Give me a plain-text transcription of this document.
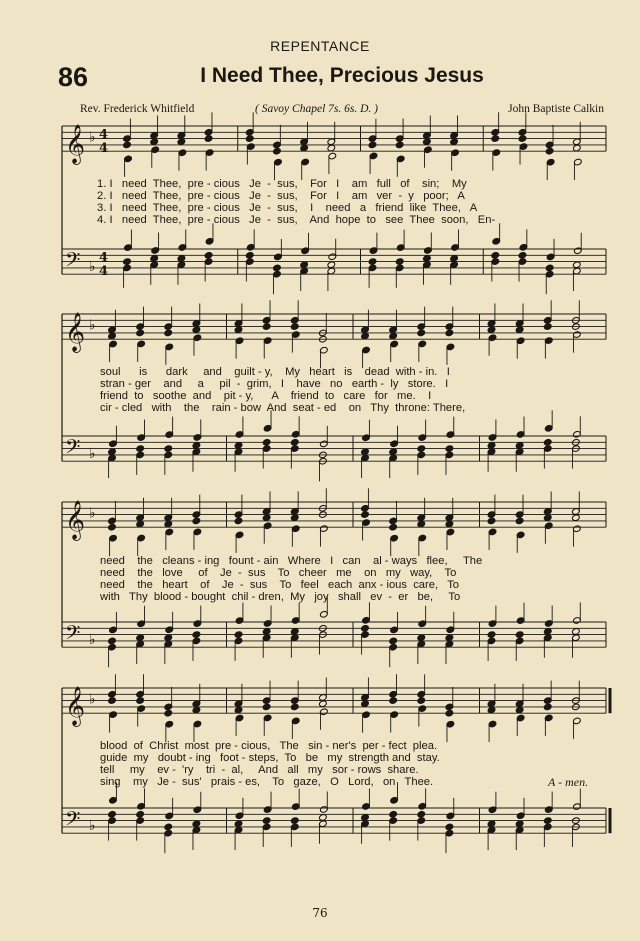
REPENTANCE
86	I Need Thee, Precious Jesus
Rev. Frederick Whitfield	( Savoy Chapel 7s. 6s. D. )	John Baptiste Calkin
𝄞 ♭ 4
4
𝄢 ♭
4
4
𝄞 ♭
𝄢 ♭
𝄞 ♭
𝄢 ♭
𝄞 ♭
𝄢 ♭
1. I   need  Thee,  pre - cious   Je  -  sus,    For   I    am   full   of    sin;    My
2. I   need  Thee,  pre - cious   Je  -  sus,    For   I    am   ver  -  y   poor;   A
3. I   need  Thee,  pre - cious   Je  -  sus,    I    need   a   friend  like  Thee,   A
4. I   need  Thee,  pre - cious   Je  -  sus,    And  hope  to   see  Thee  soon,   En-
soul      is      dark     and    guilt - y,    My   heart   is    dead  with - in.   I
stran - ger    and     a     pil  -  grim,   I    have   no   earth -  ly   store.   I
friend  to   soothe  and    pit - y,      A    friend  to   care   for   me.    I
cir - cled   with    the    rain - bow  And  seat - ed    on   Thy  throne: There,
need    the   cleans - ing   fount - ain   Where   I   can    al - ways   flee,     The
need    the   love     of    Je  -  sus    To   cheer   me    on   my   way,    To
need    the   heart    of    Je  -  sus    To   feel   each  anx - ious  care,   To
with   Thy  blood - bought  chil - dren,  My   joy   shall   ev  -  er   be,     To
blood  of  Christ  most  pre - cious,   The   sin - ner's  per - fect  plea.
guide  my   doubt - ing   foot - steps,  To   be   my  strength and  stay.
tell     my    ev -  'ry    tri  -  al,     And   all   my   sor - rows  share.
sing    my   Je -  sus'   prais - es,    To   gaze,   O   Lord,   on   Thee.	A - men.
76
